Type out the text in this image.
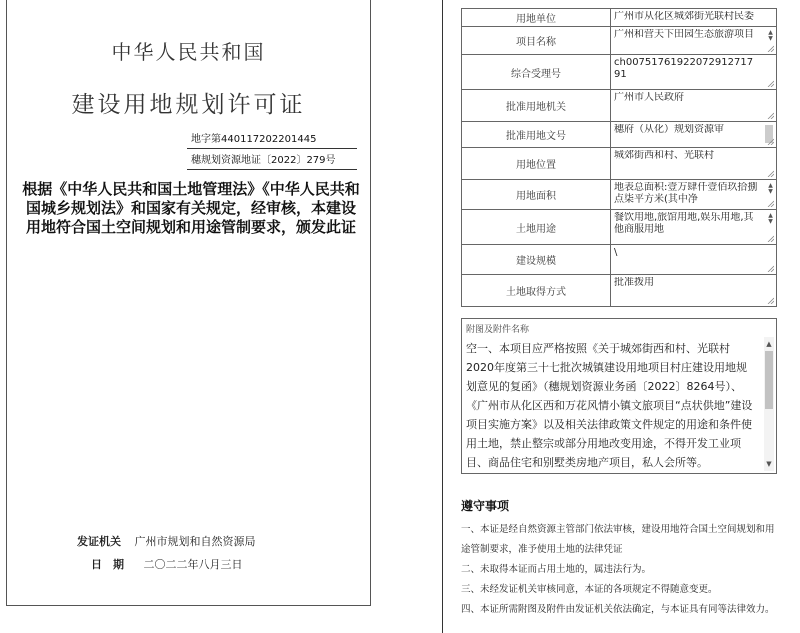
中华人民共和国
建设用地规划许可证
地字第440117202201445
穗规划资源地证〔2022〕279号
根据《中华人民共和国土地管理法》《中华人民共和国城乡规划法》和国家有关规定，经审核，本建设用地符合国土空间规划和用途管制要求，颁发此证
发证机关 广州市规划和自然资源局
日　期 二〇二二年八月三日
用地单位	广州市从化区城郊街光联村民委

项目名称	广州和营天下田园生态旅游项目 ▲
▼

综合受理号	ch00751761922072912717​91

批准用地机关	广州市人民政府

批准用地文号	穗府（从化）规划资源审

用地位置	城郊街西和村、光联村

用地面积	地表总面积:壹万肆仟壹佰玖拾捌点柒平方米(其中净
▲
▼

土地用途	餐饮用地,旅馆用地,娱乐用地,其他商服用地
▲
▼

建设规模	\

土地取得方式	批准拨用
附图及附件名称
空一、本项目应严格按照《关于城郊街西和村、光联村2020年度第三十七批次城镇建设用地项目村庄建设用地规划意见的复函》（穗规划资源业务函〔2022〕8264号）、《广州市从化区西和万花风情小镇文旅项目“点状供地”建设项目实施方案》以及相关法律政策文件规定的用途和条件使用土地，禁止整宗或部分用地改变用途，不得开发工业项目、商品住宅和别墅类房地产项目，私人会所等。
▲
▼
遵守事项
一、本证是经自然资源主管部门依法审核，建设用地符合国土空间规划和用途管制要求，准予使用土地的法律凭证
二、未取得本证而占用土地的，属违法行为。
三、未经发证机关审核同意，本证的各项规定不得随意变更。
四、本证所需附图及附件由发证机关依法确定，与本证具有同等法律效力。
